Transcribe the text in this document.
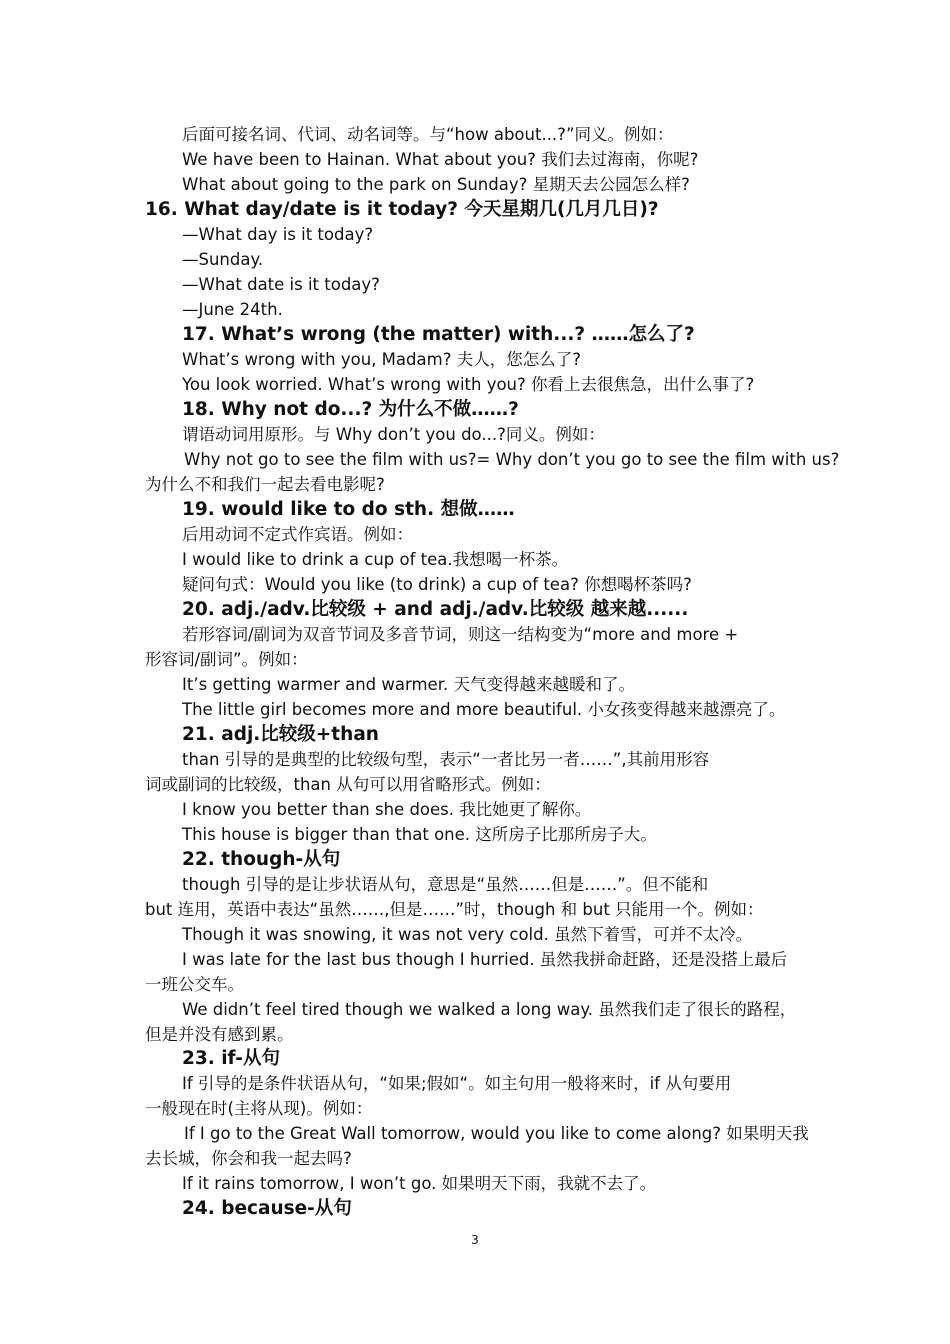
后面可接名词、代词、动名词等。与“how about...?”同义。例如：
We have been to Hainan. What about you? 我们去过海南，你呢?
What about going to the park on Sunday? 星期天去公园怎么样?
16. What day/date is it today? 今天星期几(几月几日)?
—What day is it today?
—Sunday.
—What date is it today?
—June 24th.
17. What’s wrong (the matter) with...? ……怎么了?
What’s wrong with you, Madam? 夫人，您怎么了?
You look worried. What’s wrong with you? 你看上去很焦急，出什么事了?
18. Why not do...? 为什么不做……?
谓语动词用原形。与 Why don’t you do...?同义。例如：
Why not go to see the film with us?= Why don’t you go to see the film with us?
为什么不和我们一起去看电影呢?
19. would like to do sth. 想做……
后用动词不定式作宾语。例如：
I would like to drink a cup of tea.我想喝一杯茶。
疑问句式：Would you like (to drink) a cup of tea? 你想喝杯茶吗?
20. adj./adv.比较级 + and adj./adv.比较级 越来越......
若形容词/副词为双音节词及多音节词，则这一结构变为“more and more +
形容词/副词”。例如：
It’s getting warmer and warmer. 天气变得越来越暖和了。
The little girl becomes more and more beautiful. 小女孩变得越来越漂亮了。
21. adj.比较级+than
than 引导的是典型的比较级句型，表示“一者比另一者……”,其前用形容
词或副词的比较级，than 从句可以用省略形式。例如：
I know you better than she does. 我比她更了解你。
This house is bigger than that one. 这所房子比那所房子大。
22. though-从句
though 引导的是让步状语从句，意思是“虽然……但是……”。但不能和
but 连用，英语中表达“虽然……,但是……”时，though 和 but 只能用一个。例如：
Though it was snowing, it was not very cold. 虽然下着雪，可并不太冷。
I was late for the last bus though I hurried. 虽然我拼命赶路，还是没搭上最后
一班公交车。
We didn’t feel tired though we walked a long way. 虽然我们走了很长的路程，
但是并没有感到累。
23. if-从句
If 引导的是条件状语从句，“如果;假如“。如主句用一般将来时，if 从句要用
一般现在时(主将从现)。例如：
If I go to the Great Wall tomorrow, would you like to come along? 如果明天我
去长城，你会和我一起去吗?
If it rains tomorrow, I won’t go. 如果明天下雨，我就不去了。
24. because-从句
3
